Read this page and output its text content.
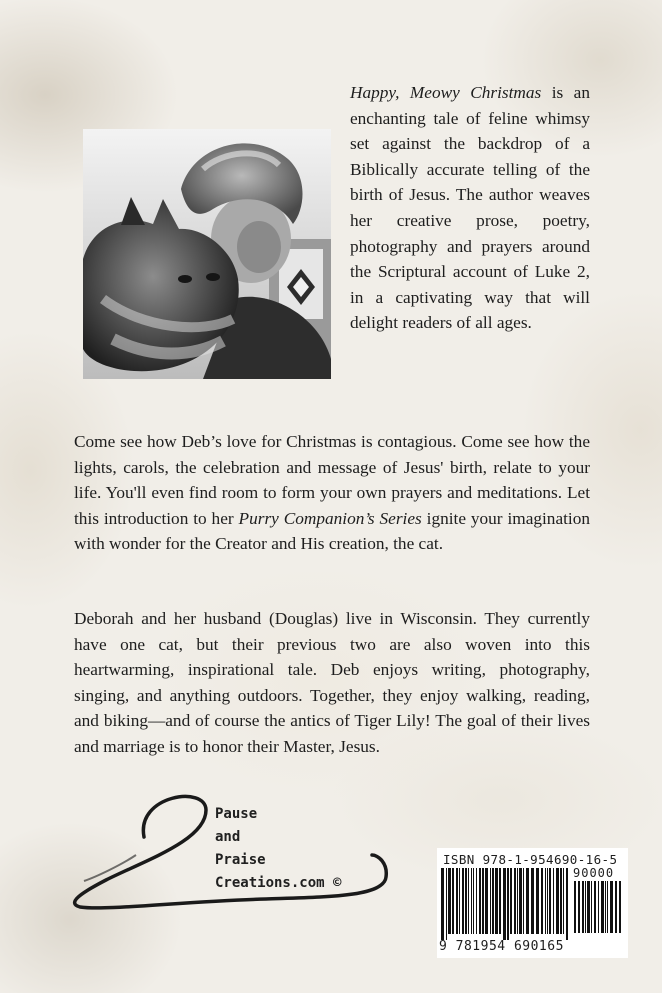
Happy, Meowy Christmas is an enchanting tale of feline whimsy set against the backdrop of a Biblically accurate telling of the birth of Jesus. The author weaves her creative prose, poetry, photography and prayers around the Scriptural account of Luke 2, in a captivating way that will delight readers of all ages.

Come see how Deb’s love for Christmas is contagious. Come see how the lights, carols, the celebration and message of Jesus' birth, relate to your life. You'll even find room to form your own prayers and meditations. Let this introduction to her Purry Companion’s Series ignite your imagination with wonder for the Creator and His creation, the cat.

Deborah and her husband (Douglas) live in Wisconsin. They currently have one cat, but their previous two are also woven into this heartwarming, inspirational tale. Deb enjoys writing, photography, singing, and anything outdoors. Together, they enjoy walking, reading, and biking—and of course the antics of Tiger Lily! The goal of their lives and marriage is to honor their Master, Jesus.

Pause

and

Praise

Creations.com ©

ISBN 978-1-954690-16-5

90000

9 781954 690165
